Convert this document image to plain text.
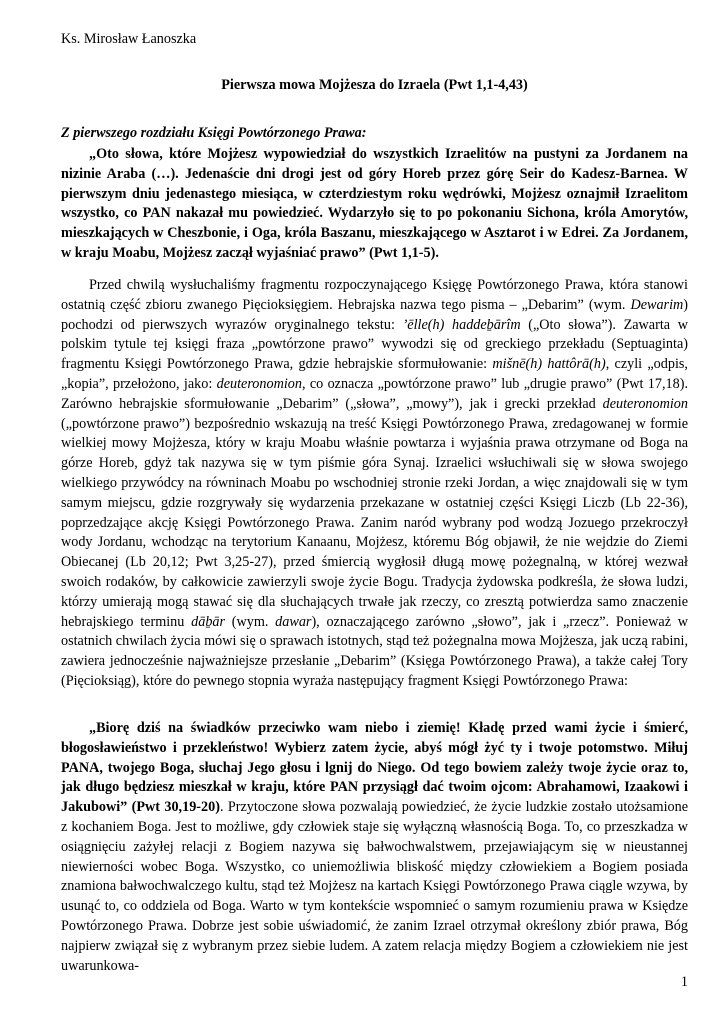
Ks. Mirosław Łanoszka
Pierwsza mowa Mojżesza do Izraela (Pwt 1,1-4,43)
Z pierwszego rozdziału Księgi Powtórzonego Prawa:
„Oto słowa, które Mojżesz wypowiedział do wszystkich Izraelitów na pustyni za Jordanem na nizinie Araba (…). Jedenaście dni drogi jest od góry Horeb przez górę Seir do Kadesz-Barnea. W pierwszym dniu jedenastego miesiąca, w czterdziestym roku wędrówki, Mojżesz oznajmił Izraelitom wszystko, co PAN nakazał mu powiedzieć. Wydarzyło się to po pokonaniu Sichona, króla Amorytów, mieszkających w Cheszbonie, i Oga, króla Baszanu, mieszkającego w Asztarot i w Edrei. Za Jordanem, w kraju Moabu, Mojżesz zaczął wyjaśniać prawo” (Pwt 1,1-5).
Przed chwilą wysłuchaliśmy fragmentu rozpoczynającego Księgę Powtórzonego Prawa, która stanowi ostatnią część zbioru zwanego Pięcioksięgiem. Hebrajska nazwa tego pisma – „Debarim” (wym. Dewarim) pochodzi od pierwszych wyrazów oryginalnego tekstu: ’ēlle(h) haddeḇārîm („Oto słowa”). Zawarta w polskim tytule tej księgi fraza „powtórzone prawo” wywodzi się od greckiego przekładu (Septuaginta) fragmentu Księgi Powtórzonego Prawa, gdzie hebrajskie sformułowanie: mišnē(h) hattôrā(h), czyli „odpis, „kopia”, przełożono, jako: deuteronomion, co oznacza „powtórzone prawo” lub „drugie prawo” (Pwt 17,18). Zarówno hebrajskie sformułowanie „Debarim” („słowa”, „mowy”), jak i grecki przekład deuteronomion („powtórzone prawo”) bezpośrednio wskazują na treść Księgi Powtórzonego Prawa, zredagowanej w formie wielkiej mowy Mojżesza, który w kraju Moabu właśnie powtarza i wyjaśnia prawa otrzymane od Boga na górze Horeb, gdyż tak nazywa się w tym piśmie góra Synaj. Izraelici wsłuchiwali się w słowa swojego wielkiego przywódcy na równinach Moabu po wschodniej stronie rzeki Jordan, a więc znajdowali się w tym samym miejscu, gdzie rozgrywały się wydarzenia przekazane w ostatniej części Księgi Liczb (Lb 22-36), poprzedzające akcję Księgi Powtórzonego Prawa. Zanim naród wybrany pod wodzą Jozuego przekroczył wody Jordanu, wchodząc na terytorium Kanaanu, Mojżesz, któremu Bóg objawił, że nie wejdzie do Ziemi Obiecanej (Lb 20,12; Pwt 3,25-27), przed śmiercią wygłosił długą mowę pożegnalną, w której wezwał swoich rodaków, by całkowicie zawierzyli swoje życie Bogu. Tradycja żydowska podkreśla, że słowa ludzi, którzy umierają mogą stawać się dla słuchających trwałe jak rzeczy, co zresztą potwierdza samo znaczenie hebrajskiego terminu dāḇār (wym. dawar), oznaczającego zarówno „słowo”, jak i „rzecz”. Ponieważ w ostatnich chwilach życia mówi się o sprawach istotnych, stąd też pożegnalna mowa Mojżesza, jak uczą rabini, zawiera jednocześnie najważniejsze przesłanie „Debarim” (Księga Powtórzonego Prawa), a także całej Tory (Pięcioksiąg), które do pewnego stopnia wyraża następujący fragment Księgi Powtórzonego Prawa:
„Biorę dziś na świadków przeciwko wam niebo i ziemię! Kładę przed wami życie i śmierć, błogosławieństwo i przekleństwo! Wybierz zatem życie, abyś mógł żyć ty i twoje potomstwo. Miłuj PANA, twojego Boga, słuchaj Jego głosu i lgnij do Niego. Od tego bowiem zależy twoje życie oraz to, jak długo będziesz mieszkał w kraju, które PAN przysiągł dać twoim ojcom: Abrahamowi, Izaakowi i Jakubowi” (Pwt 30,19-20). Przytoczone słowa pozwalają powiedzieć, że życie ludzkie zostało utożsamione z kochaniem Boga. Jest to możliwe, gdy człowiek staje się wyłączną własnością Boga. To, co przeszkadza w osiągnięciu zażyłej relacji z Bogiem nazywa się bałwochwalstwem, przejawiającym się w nieustannej niewierności wobec Boga. Wszystko, co uniemożliwia bliskość między człowiekiem a Bogiem posiada znamiona bałwochwalczego kultu, stąd też Mojżesz na kartach Księgi Powtórzonego Prawa ciągle wzywa, by usunąć to, co oddziela od Boga. Warto w tym kontekście wspomnieć o samym rozumieniu prawa w Księdze Powtórzonego Prawa. Dobrze jest sobie uświadomić, że zanim Izrael otrzymał określony zbiór prawa, Bóg najpierw związał się z wybranym przez siebie ludem. A zatem relacja między Bogiem a człowiekiem nie jest uwarunkowa-
1
